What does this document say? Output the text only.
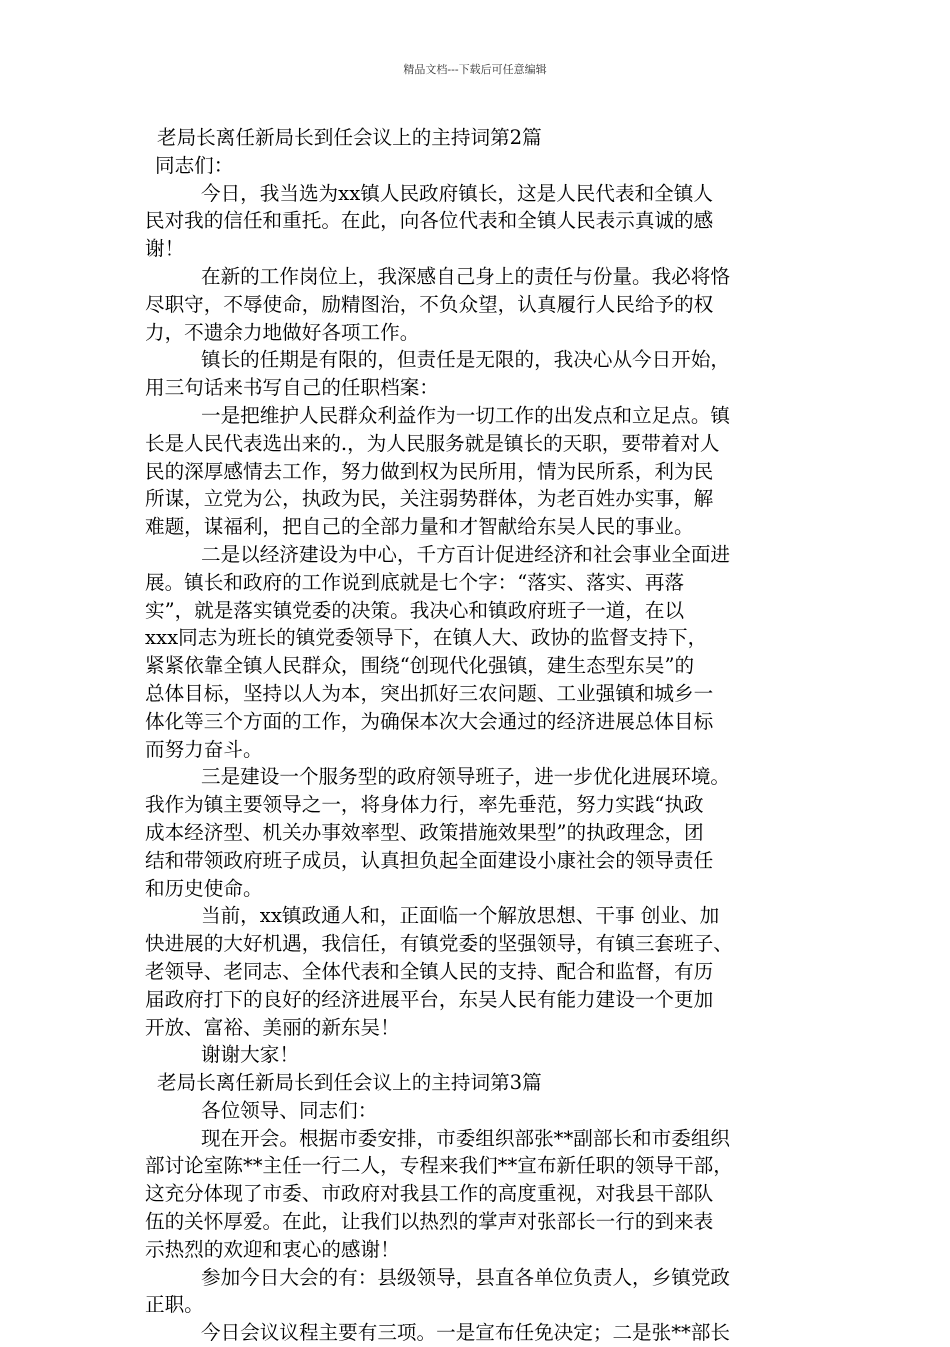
精品文档---下载后可任意编辑
老局长离任新局长到任会议上的主持词第2篇
同志们：
今日，我当选为xx镇人民政府镇长，这是人民代表和全镇人
民对我的信任和重托。在此，向各位代表和全镇人民表示真诚的感
谢！
在新的工作岗位上，我深感自己身上的责任与份量。我必将恪
尽职守，不辱使命，励精图治，不负众望，认真履行人民给予的权
力，不遗余力地做好各项工作。
镇长的任期是有限的，但责任是无限的，我决心从今日开始，
用三句话来书写自己的任职档案：
一是把维护人民群众利益作为一切工作的出发点和立足点。镇
长是人民代表选出来的.，为人民服务就是镇长的天职，要带着对人
民的深厚感情去工作，努力做到权为民所用，情为民所系，利为民
所谋，立党为公，执政为民，关注弱势群体，为老百姓办实事，解
难题，谋福利，把自己的全部力量和才智献给东吴人民的事业。
二是以经济建设为中心，千方百计促进经济和社会事业全面进
展。镇长和政府的工作说到底就是七个字：“落实、落实、再落
实”，就是落实镇党委的决策。我决心和镇政府班子一道，在以
xxx同志为班长的镇党委领导下，在镇人大、政协的监督支持下，
紧紧依靠全镇人民群众，围绕“创现代化强镇，建生态型东吴”的
总体目标，坚持以人为本，突出抓好三农问题、工业强镇和城乡一
体化等三个方面的工作，为确保本次大会通过的经济进展总体目标
而努力奋斗。
三是建设一个服务型的政府领导班子，进一步优化进展环境。
我作为镇主要领导之一，将身体力行，率先垂范，努力实践“执政
成本经济型、机关办事效率型、政策措施效果型”的执政理念，团
结和带领政府班子成员，认真担负起全面建设小康社会的领导责任
和历史使命。
当前，xx镇政通人和，正面临一个解放思想、干事 创业、加
快进展的大好机遇，我信任，有镇党委的坚强领导，有镇三套班子、
老领导、老同志、全体代表和全镇人民的支持、配合和监督，有历
届政府打下的良好的经济进展平台，东吴人民有能力建设一个更加
开放、富裕、美丽的新东吴！
谢谢大家！
老局长离任新局长到任会议上的主持词第3篇
各位领导、同志们：
现在开会。根据市委安排，市委组织部张**副部长和市委组织
部讨论室陈**主任一行二人，专程来我们**宣布新任职的领导干部，
这充分体现了市委、市政府对我县工作的高度重视，对我县干部队
伍的关怀厚爱。在此，让我们以热烈的掌声对张部长一行的到来表
示热烈的欢迎和衷心的感谢！
参加今日大会的有：县级领导，县直各单位负责人，乡镇党政
正职。
今日会议议程主要有三项。一是宣布任免决定；二是张**部长
